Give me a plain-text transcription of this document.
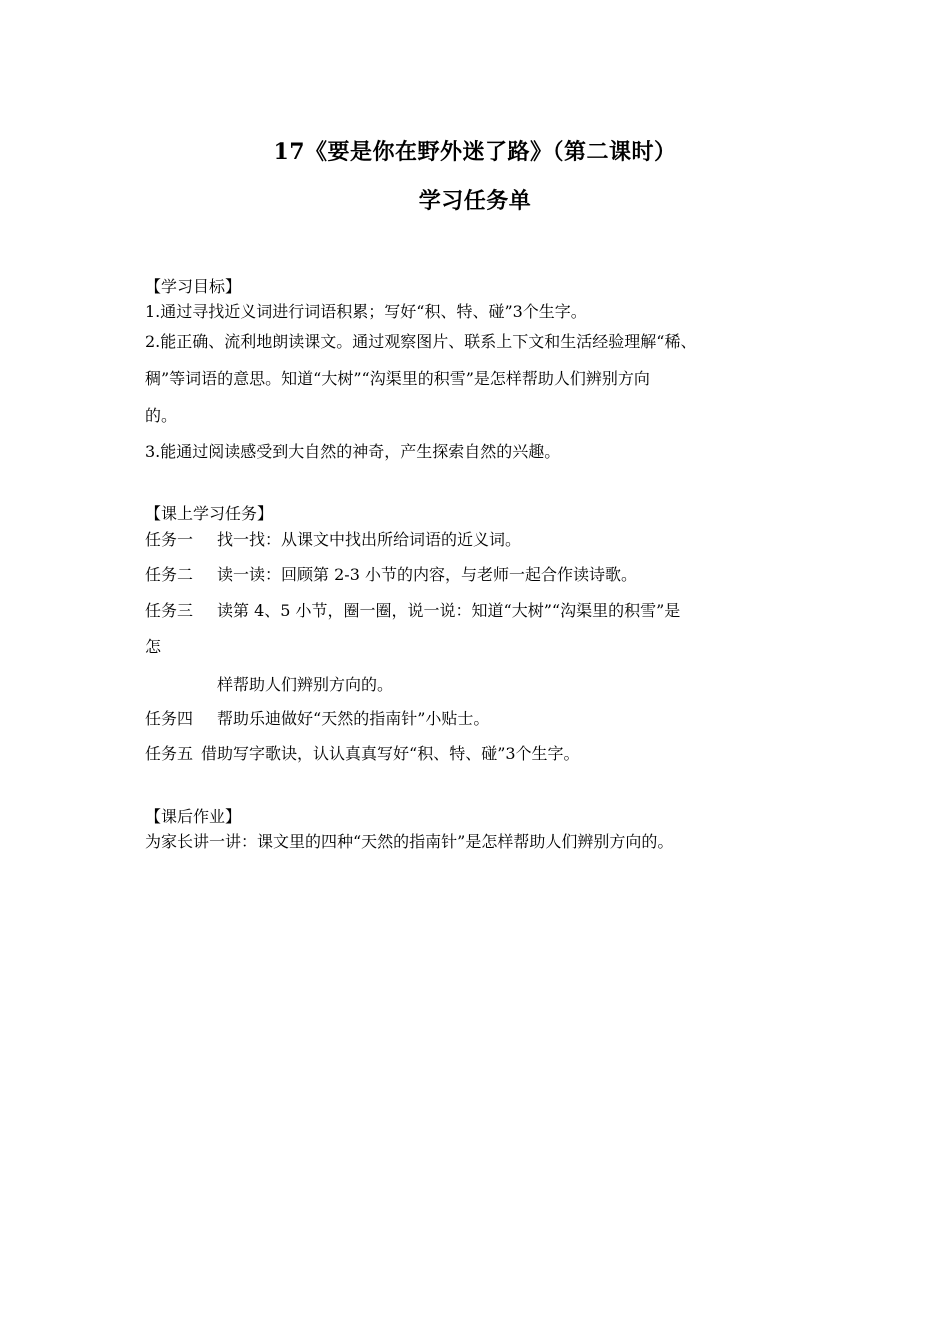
17《要是你在野外迷了路》（第二课时）
学习任务单
【学习目标】
1.通过寻找近义词进行词语积累；写好“积、特、碰”3个生字。
2.能正确、流利地朗读课文。通过观察图片、联系上下文和生活经验理解“稀、
稠”等词语的意思。知道“大树”“沟渠里的积雪”是怎样帮助人们辨别方向
的。
3.能通过阅读感受到大自然的神奇，产生探索自然的兴趣。
【课上学习任务】
任务一 找一找：从课文中找出所给词语的近义词。
任务二 读一读：回顾第 2-3 小节的内容，与老师一起合作读诗歌。
任务三 读第 4、5 小节，圈一圈，说一说：知道“大树”“沟渠里的积雪”是
怎
样帮助人们辨别方向的。
任务四 帮助乐迪做好“天然的指南针”小贴士。
任务五 借助写字歌诀，认认真真写好“积、特、碰”3个生字。
【课后作业】
为家长讲一讲：课文里的四种“天然的指南针”是怎样帮助人们辨别方向的。
